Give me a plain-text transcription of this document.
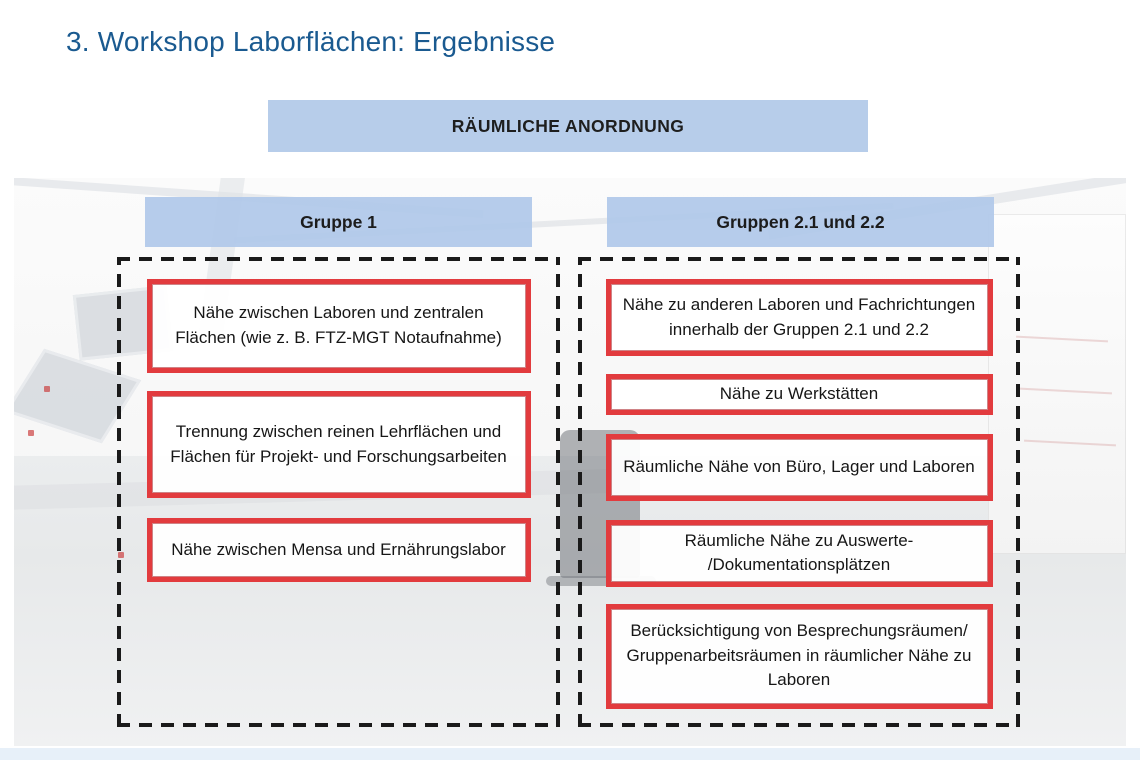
3. Workshop Laborflächen: Ergebnisse
RÄUMLICHE ANORDNUNG
Gruppe 1	Gruppen 2.1 und 2.2
Nähe zwischen Laboren und zentralen Flächen (wie z. B. FTZ-MGT Notaufnahme)
Trennung zwischen reinen Lehrflächen und Flächen für Projekt- und Forschungsarbeiten
Nähe zwischen Mensa und Ernährungslabor
Nähe zu anderen Laboren und Fachrichtungen innerhalb der Gruppen 2.1 und 2.2
Nähe zu Werkstätten
Räumliche Nähe von Büro, Lager und Laboren
Räumliche Nähe zu Auswerte- /Dokumentationsplätzen
Berücksichtigung von Besprechungsräumen/ Gruppenarbeitsräumen in räumlicher Nähe zu Laboren
